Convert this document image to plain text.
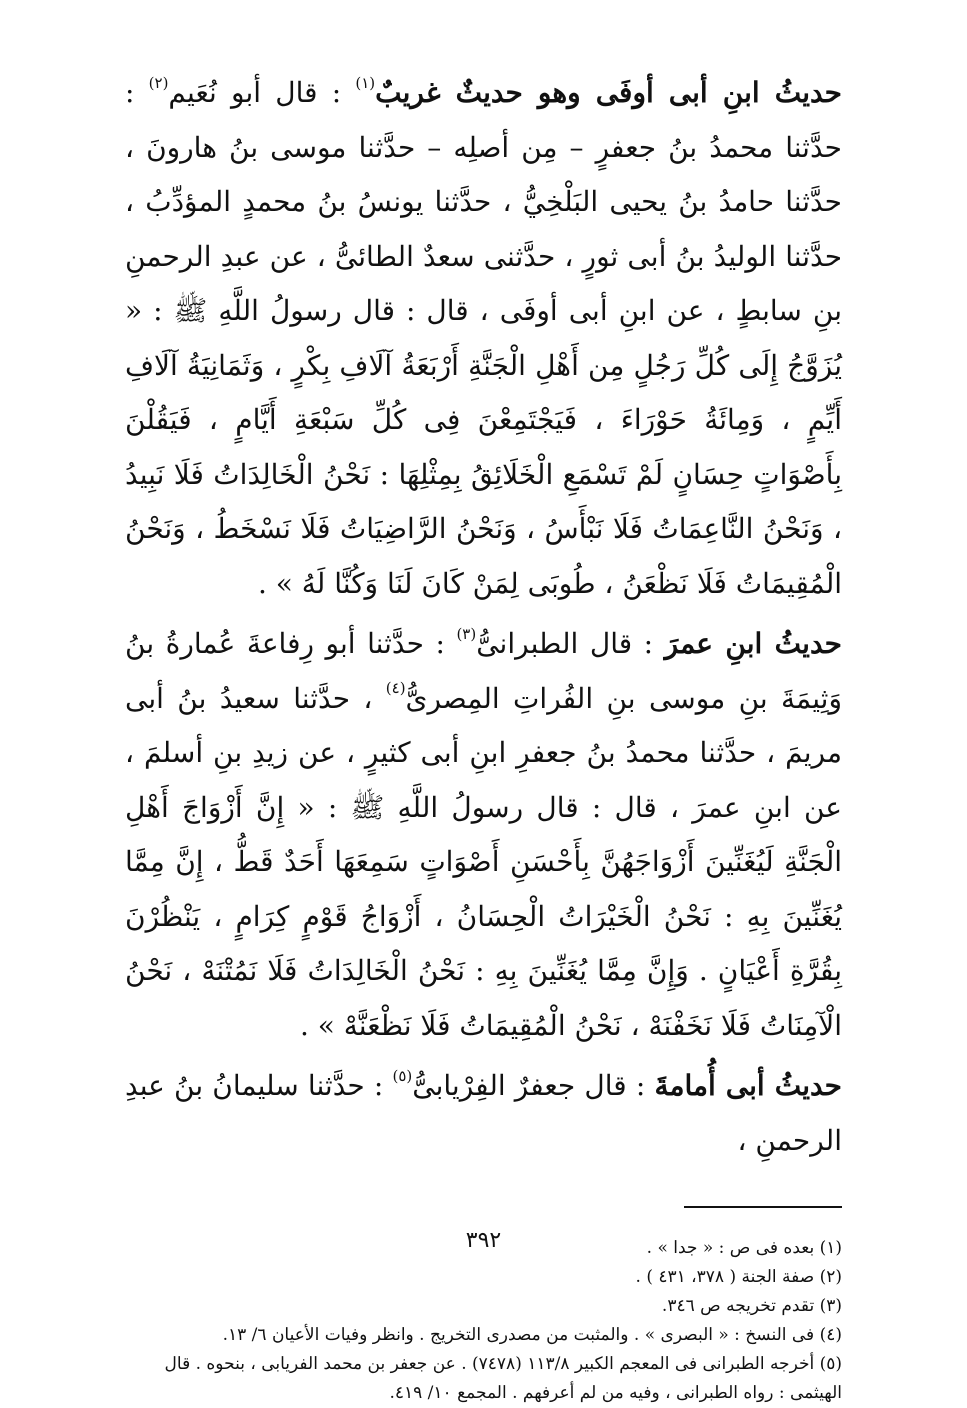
حديثُ ابنِ أبى أوفَى وهو حديثٌ غريبٌ$^{(١)}$ : قال أبو نُعَيم$^{(٢)}$ : حدَّثنا محمدُ بنُ جعفرٍ – مِن أصلِه – حدَّثنا موسى بنُ هارونَ ، حدَّثنا حامدُ بنُ يحيى البَلْخِيُّ ، حدَّثنا يونسُ بنُ محمدٍ المؤدِّبُ ، حدَّثنا الوليدُ بنُ أبى ثورٍ ، حدَّثنى سعدٌ الطائىُّ ، عن عبدِ الرحمنِ بنِ سابطٍ ، عن ابنِ أبى أوفَى ، قال : قال رسولُ اللَّهِ ﷺ : « يُزَوَّجُ إِلَى كُلِّ رَجُلٍ مِن أَهْلِ الْجَنَّةِ أَرْبَعَةُ آلَافِ بِكْرٍ ، وَثَمَانِيَةُ آلَافِ أَيِّمٍ ، وَمِائَةُ حَوْرَاءَ ، فَيَجْتَمِعْنَ فِى كُلِّ سَبْعَةِ أَيَّامٍ ، فَيَقُلْنَ بِأَصْوَاتٍ حِسَانٍ لَمْ تَسْمَعِ الْخَلَائِقُ بِمِثْلِهَا : نَحْنُ الْخَالِدَاتُ فَلَا نَبِيدُ ، وَنَحْنُ النَّاعِمَاتُ فَلَا نَبْأَسُ ، وَنَحْنُ الرَّاضِيَاتُ فَلَا نَسْخَطُ ، وَنَحْنُ الْمُقِيمَاتُ فَلَا نَظْعَنُ ، طُوبَى لِمَنْ كَانَ لَنَا وَكُنَّا لَهُ » .

حديثُ ابنِ عمرَ : قال الطبرانىُّ$^{(٣)}$ : حدَّثنا أبو رِفاعةَ عُمارةُ بنُ وَثِيمَةَ بنِ موسى بنِ الفُراتِ المِصرىُّ$^{(٤)}$ ، حدَّثنا سعيدُ بنُ أبى مريمَ ، حدَّثنا محمدُ بنُ جعفرِ ابنِ أبى كثيرٍ ، عن زيدِ بنِ أسلمَ ، عن ابنِ عمرَ ، قال : قال رسولُ اللَّهِ ﷺ : « إِنَّ أَزْوَاجَ أَهْلِ الْجَنَّةِ لَيُغَنِّينَ أَزْوَاجَهُنَّ بِأَحْسَنِ أَصْوَاتٍ سَمِعَهَا أَحَدٌ قَطُّ ، إِنَّ مِمَّا يُغَنِّينَ بِهِ : نَحْنُ الْخَيْرَاتُ الْحِسَانُ ، أَزْوَاجُ قَوْمٍ كِرَامٍ ، يَنْظُرْنَ بِقُرَّةِ أَعْيَانٍ . وَإِنَّ مِمَّا يُغَنِّينَ بِهِ : نَحْنُ الْخَالِدَاتُ فَلَا نَمُتْنَهْ ، نَحْنُ الْآمِنَاتُ فَلَا نَخَفْنَهْ ، نَحْنُ الْمُقِيمَاتُ فَلَا نَظْعَنَّهْ » .

حديثُ أبى أُمامةَ : قال جعفرٌ الفِرْيابىُّ$^{(٥)}$ : حدَّثنا سليمانُ بنُ عبدِ الرحمنِ ،

(١) بعده فى ص : « جدا » .

(٢) صفة الجنة ( ٣٧٨، ٤٣١ ) .

(٣) تقدم تخريجه ص ٣٤٦.

(٤) فى النسخ : « البصرى » . والمثبت من مصدرى التخريج . وانظر وفيات الأعيان ٦/ ١٣.

(٥) أخرجه الطبرانى فى المعجم الكبير ١١٣/٨ (٧٤٧٨) . عن جعفر بن محمد الفريابى ، بنحوه . قال الهيثمى : رواه الطبرانى ، وفيه من لم أعرفهم . المجمع ١٠/ ٤١٩.

٣٩٢
